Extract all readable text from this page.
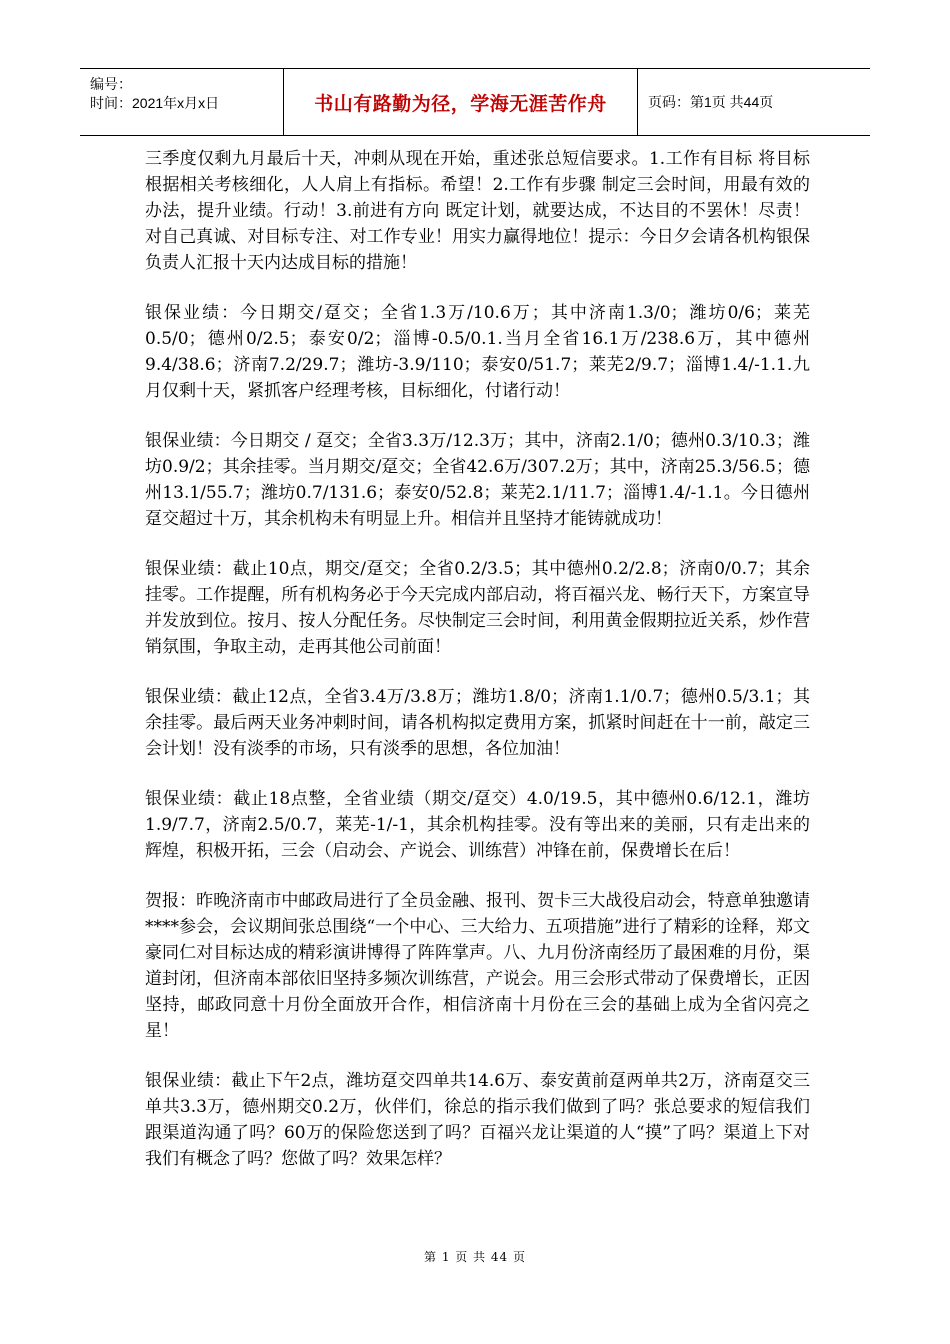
编号：
时间：2021年x月x日	书山有路勤为径，学海无涯苦作舟	页码：第1页 共44页

三季度仅剩九月最后十天，冲刺从现在开始，重述张总短信要求。1.工作有目标 将目标根据相关考核细化，人人肩上有指标。希望！2.工作有步骤 制定三会时间，用最有效的办法，提升业绩。行动！3.前进有方向 既定计划，就要达成，不达目的不罢休！尽责！对自己真诚、对目标专注、对工作专业！用实力赢得地位！提示：今日夕会请各机构银保负责人汇报十天内达成目标的措施！

银保业绩：今日期交/趸交；全省1.3万/10.6万；其中济南1.3/0；潍坊0/6；莱芜0.5/0；德州0/2.5；泰安0/2；淄博-0.5/0.1.当月全省16.1万/238.6万，其中德州9.4/38.6；济南7.2/29.7；潍坊-3.9/110；泰安0/51.7；莱芜2/9.7；淄博1.4/-1.1.九月仅剩十天，紧抓客户经理考核，目标细化，付诸行动！

银保业绩：今日期交 / 趸交；全省3.3万/12.3万；其中，济南2.1/0；德州0.3/10.3；潍坊0.9/2；其余挂零。当月期交/趸交；全省42.6万/307.2万；其中，济南25.3/56.5；德州13.1/55.7；潍坊0.7/131.6；泰安0/52.8；莱芜2.1/11.7；淄博1.4/-1.1。今日德州趸交超过十万，其余机构未有明显上升。相信并且坚持才能铸就成功！

银保业绩：截止10点，期交/趸交；全省0.2/3.5；其中德州0.2/2.8；济南0/0.7；其余挂零。工作提醒，所有机构务必于今天完成内部启动，将百福兴龙、畅行天下，方案宣导并发放到位。按月、按人分配任务。尽快制定三会时间，利用黄金假期拉近关系，炒作营销氛围，争取主动，走再其他公司前面！

银保业绩：截止12点，全省3.4万/3.8万；潍坊1.8/0；济南1.1/0.7；德州0.5/3.1；其余挂零。最后两天业务冲刺时间，请各机构拟定费用方案，抓紧时间赶在十一前，敲定三会计划！没有淡季的市场，只有淡季的思想，各位加油！

银保业绩：截止18点整，全省业绩（期交/趸交）4.0/19.5，其中德州0.6/12.1，潍坊1.9/7.7，济南2.5/0.7，莱芜-1/-1，其余机构挂零。没有等出来的美丽，只有走出来的辉煌，积极开拓，三会（启动会、产说会、训练营）冲锋在前，保费增长在后！

贺报：昨晚济南市中邮政局进行了全员金融、报刊、贺卡三大战役启动会，特意单独邀请****参会，会议期间张总围绕“一个中心、三大给力、五项措施”进行了精彩的诠释，郑文豪同仁对目标达成的精彩演讲博得了阵阵掌声。八、九月份济南经历了最困难的月份，渠道封闭，但济南本部依旧坚持多频次训练营，产说会。用三会形式带动了保费增长，正因坚持，邮政同意十月份全面放开合作，相信济南十月份在三会的基础上成为全省闪亮之星！

银保业绩：截止下午2点，潍坊趸交四单共14.6万、泰安黄前趸两单共2万，济南趸交三单共3.3万，德州期交0.2万，伙伴们，徐总的指示我们做到了吗？张总要求的短信我们跟渠道沟通了吗？60万的保险您送到了吗？百福兴龙让渠道的人“摸”了吗？渠道上下对我们有概念了吗？您做了吗？效果怎样？

第 1 页 共 44 页
